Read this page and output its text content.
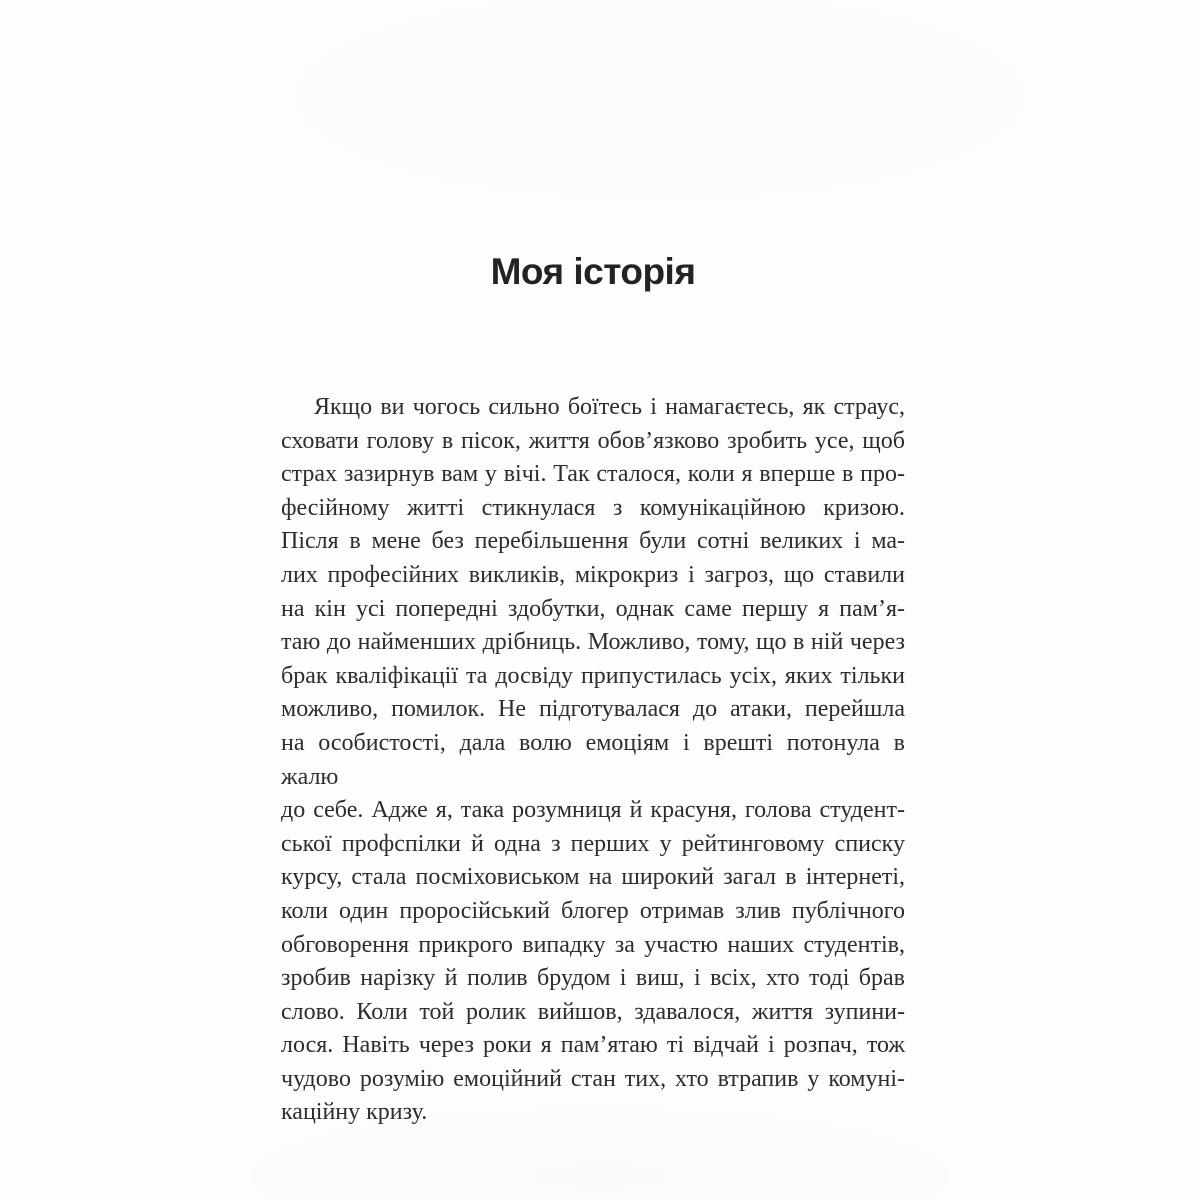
Моя історія

Якщо ви чогось сильно боїтесь і намагаєтесь, як страус,

сховати голову в пісок, життя обов’язково зробить усе, щоб

страх зазирнув вам у вічі. Так сталося, коли я вперше в про-

фесійному житті стикнулася з комунікаційною кризою.

Після в мене без перебільшення були сотні великих і ма-

лих професійних викликів, мікрокриз і загроз, що ставили

на кін усі попередні здобутки, однак саме першу я пам’я-

таю до найменших дрібниць. Можливо, тому, що в ній через

брак кваліфікації та досвіду припустилась усіх, яких тільки

можливо, помилок. Не підготувалася до атаки, перейшла

на особистості, дала волю емоціям і врешті потонула в жалю

до себе. Адже я, така розумниця й красуня, голова студент-

ської профспілки й одна з перших у рейтинговому списку

курсу, стала посміховиськом на широкий загал в інтернеті,

коли один проросійський блогер отримав злив публічного

обговорення прикрого випадку за участю наших студентів,

зробив нарізку й полив брудом і виш, і всіх, хто тоді брав

слово. Коли той ролик вийшов, здавалося, життя зупини-

лося. Навіть через роки я пам’ятаю ті відчай і розпач, тож

чудово розумію емоційний стан тих, хто втрапив у комуні-

каційну кризу.
